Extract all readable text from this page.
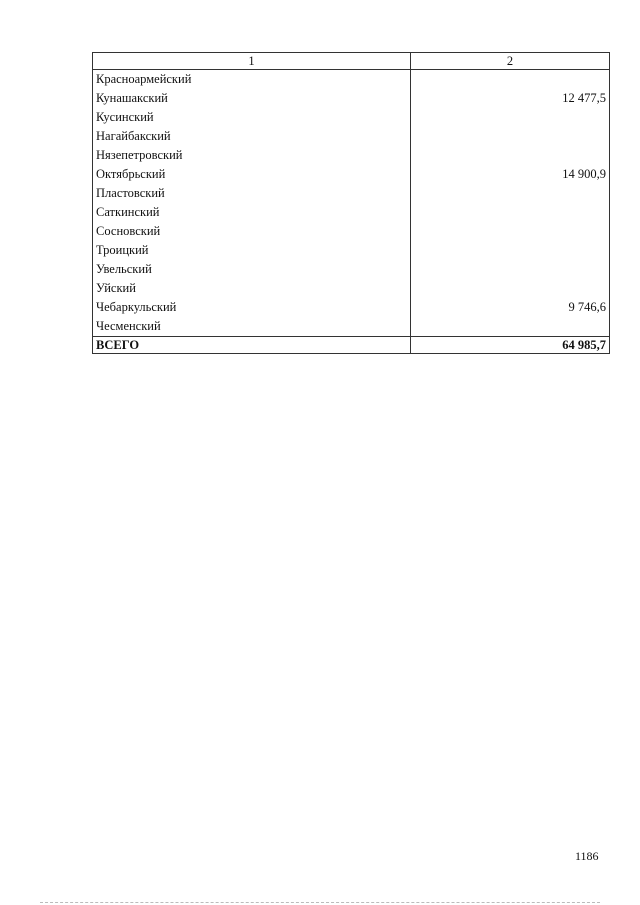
1	2
Красноармейский	
Кунашакский	12 477,5
Кусинский	
Нагайбакский	
Нязепетровский	
Октябрьский	14 900,9
Пластовский	
Саткинский	
Сосновский	
Троицкий	
Увельский	
Уйский	
Чебаркульский	9 746,6
Чесменский	
ВСЕГО	64 985,7
1186
